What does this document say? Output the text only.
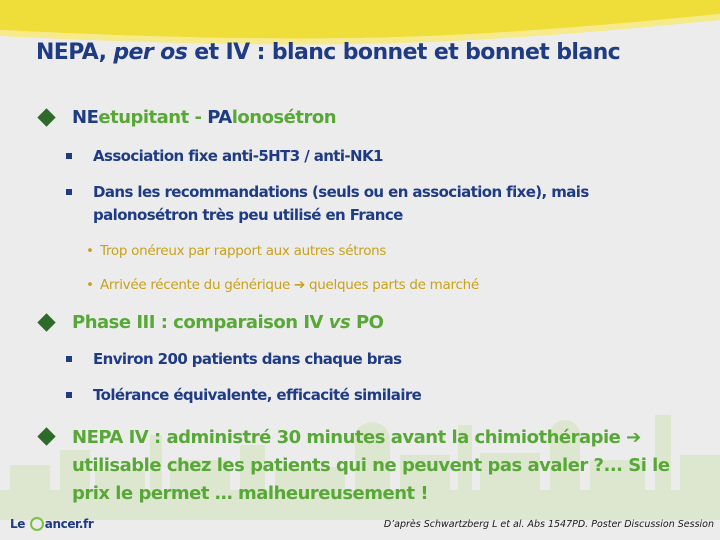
NEPA, per os et IV : blanc bonnet et bonnet blanc
NEetupitant - PAlonosétron
Association fixe anti-5HT3 / anti-NK1
Dans les recommandations (seuls ou en association fixe), mais palonosétron très peu utilisé en France
• Trop onéreux par rapport aux autres sétrons
• Arrivée récente du générique ➔ quelques parts de marché
Phase III : comparaison IV vs PO
Environ 200 patients dans chaque bras
Tolérance équivalente, efficacité similaire
NEPA IV : administré 30 minutes avant la chimiothérapie ➔ utilisable chez les patients qui ne peuvent pas avaler ?... Si le prix le permet … malheureusement !
Le ancer.fr	D’après Schwartzberg L et al. Abs 1547PD. Poster Discussion Session
